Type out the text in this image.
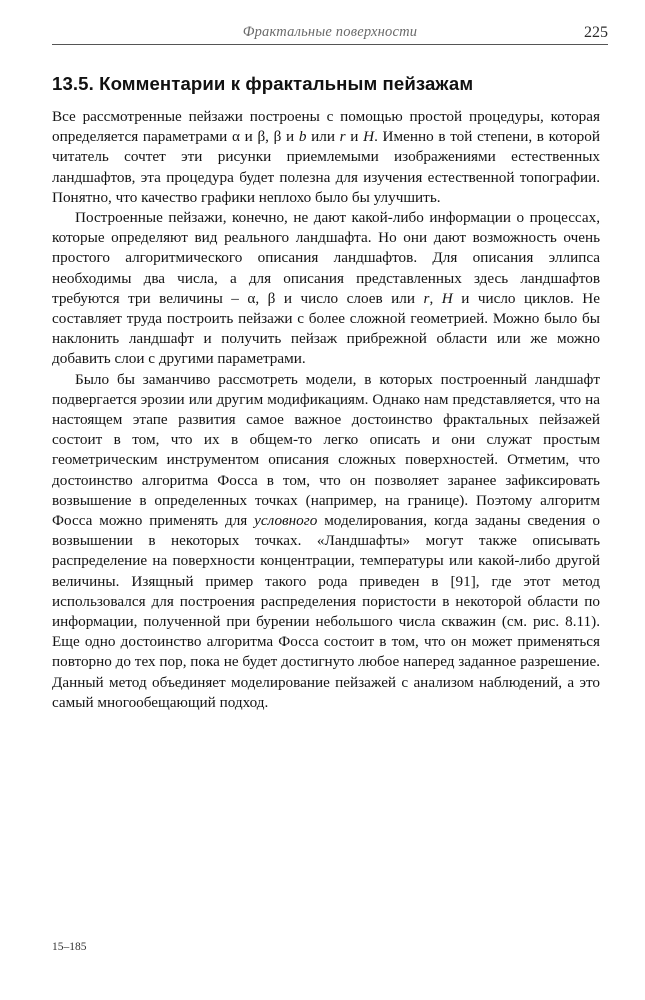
Фрактальные поверхности	225
13.5. Комментарии к фрактальным пейзажам

Все рассмотренные пейзажи построены с помощью простой процедуры, которая определяется параметрами α и β, β и b или r и H. Именно в той степени, в которой читатель сочтет эти рисунки приемлемыми изображениями естественных ландшафтов, эта процедура будет полезна для изучения естественной топографии. Понятно, что качество графики неплохо было бы улучшить.

Построенные пейзажи, конечно, не дают какой-либо информации о процессах, которые определяют вид реального ландшафта. Но они дают возможность очень простого алгоритмического описания ландшафтов. Для описания эллипса необходимы два числа, а для описания представленных здесь ландшафтов требуются три величины – α, β и число слоев или r, H и число циклов. Не составляет труда построить пейзажи с более сложной геометрией. Можно было бы наклонить ландшафт и получить пейзаж прибрежной области или же можно добавить слои с другими параметрами.

Было бы заманчиво рассмотреть модели, в которых построенный ландшафт подвергается эрозии или другим модификациям. Однако нам представляется, что на настоящем этапе развития самое важное достоинство фрактальных пейзажей состоит в том, что их в общем-то легко описать и они служат простым геометрическим инструментом описания сложных поверхностей. Отметим, что достоинство алгоритма Фосса в том, что он позволяет заранее зафиксировать возвышение в определенных точках (например, на границе). Поэтому алгоритм Фосса можно применять для условного моделирования, когда заданы сведения о возвышении в некоторых точках. «Ландшафты» могут также описывать распределение на поверхности концентрации, температуры или какой-либо другой величины. Изящный пример такого рода приведен в [91], где этот метод использовался для построения распределения пористости в некоторой области по информации, полученной при бурении небольшого числа скважин (см. рис. 8.11). Еще одно достоинство алгоритма Фосса состоит в том, что он может применяться повторно до тех пор, пока не будет достигнуто любое наперед заданное разрешение. Данный метод объединяет моделирование пейзажей с анализом наблюдений, а это самый многообещающий подход.

15–185
